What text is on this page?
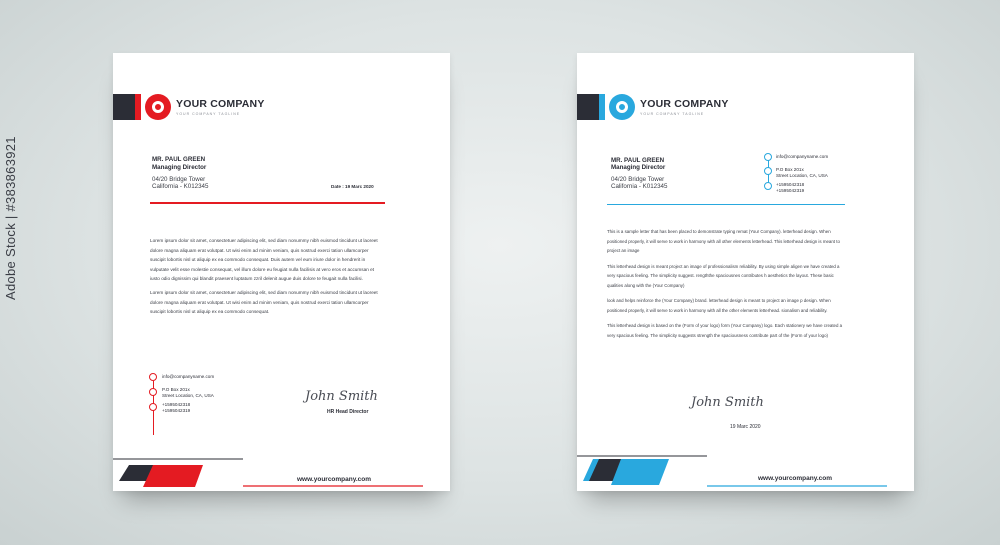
Adobe Stock | #383863921
YOUR COMPANY
YOUR COMPANY TAGLINE
MR. PAUL GREEN
Managing Director
04/20 Bridge Tower
California - K012345	Date : 19 Marc 2020

Lorem ipsum dolor sit amet, consectetuer adipiscing elit, sed diam nonummy nibh euismod tincidunt ut laoreet dolore magna aliquam erat volutpat. Ut wisi enim ad minim veniam, quis nostrud exerci tation ullamcorper suscipit lobortis nisl ut aliquip ex ea commodo consequat. Duis autem vel eum iriure dolor in hendrerit in vulputate velit esse molestie consequat, vel illum dolore eu feugiat nulla facilisis at vero eros et accumsan et iusto odio dignissim qui blandit praesent luptatum zzril delenit augue duis dolore te feugait nulla facilisi.

Lorem ipsum dolor sit amet, consectetuer adipiscing elit, sed diam nonummy nibh euismod tincidunt ut laoreet dolore magna aliquam erat volutpat. Ut wisi enim ad minim veniam, quis nostrud exerci tation ullamcorper suscipit lobortis nisl ut aliquip ex ea commodo consequat.

info@companyname.com
P.O Box 201x
Street Location, CA, USA
+1595042318
+1595042319
John Smith
HR Head Director
www.yourcompany.com
YOUR COMPANY
YOUR COMPANY TAGLINE
MR. PAUL GREEN
Managing Director
04/20 Bridge Tower
California - K012345
info@companyname.com
P.O Box 201x
Street Location, CA, USA
+1595042318
+1595042319

This is a sample letter that has been placed to demonstrate typing remat (Your Company). letterhead design. When positioned properly, it will serve to work in harmony with all other elements letterhead. This letterhead design is meant to project an image

This letterhead design is meant project an image of professionalism reliability. By using simple aligen we have created a very spacious feeling. The simplicity suggest. rengththe spaciousnes contributes h aesthetics the layout. These basic qualities along with the (Your Company)

look and helps reinforce the (Your Company) brand. letterhead design is meant to project an image p design. When positioned properly, it will serve to work in harmony with all the other elements letterhead. sionalism and reliability.

This letterhead design is based on the (Form of your logo) form (Your Company) logo. Each stationery we have created a very spacious feeling. The simplicity suggests strength the spaciousness contribute part of the (Form of your logo)

John Smith
19 Marc 2020
www.yourcompany.com
